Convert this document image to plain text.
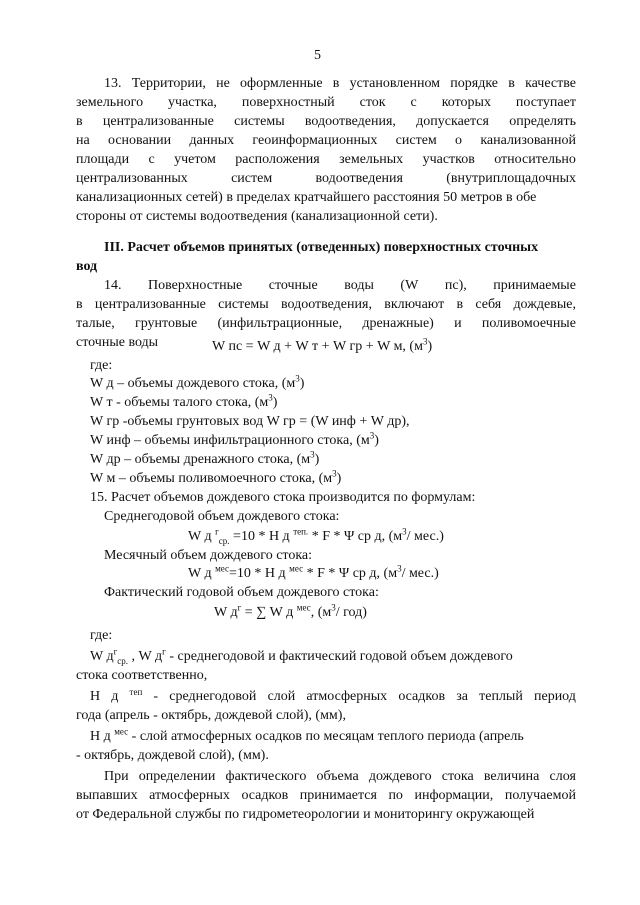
5
13. Территории, не оформленные в установленном порядке в качестве
земельного участка, поверхностный сток с которых поступает
в централизованные системы водоотведения, допускается определять
на основании данных геоинформационных систем о канализованной
площади с учетом расположения земельных участков относительно
централизованных	систем	водоотведения	(внутриплощадочных
канализационных сетей) в пределах кратчайшего расстояния 50 метров в обе
стороны от системы водоотведения (канализационной сети).
III. Расчет объемов принятых (отведенных) поверхностных сточных
вод
14. Поверхностные сточные воды (W пс), принимаемые
в централизованные системы водоотведения, включают в себя дождевые,
талые, грунтовые (инфильтрационные, дренажные) и поливомоечные
сточные воды	W пс = W д + W т + W гр + W м, $(м^3)$
где:
W д – объемы дождевого стока, $(м^3)$
W т - объемы талого стока, $(м^3)$
W гр -объемы грунтовых вод W гр = (W инф + W др),
W инф – объемы инфильтрационного стока, $(м^3)$
W др – объемы дренажного стока, $(м^3)$
W м – объемы поливомоечного стока, $(м^3)$
15. Расчет объемов дождевого стока производится по формулам:
Среднегодовой объем дождевого стока:
W д $^г_{ср.}$ =10 * Н д $^{теп.}$ * F * Ψ ср д, ($м^3/$ мес.)
Месячный объем дождевого стока:
W д $^{мес}$=10 * Н д $^{мес}$ * F * Ψ ср д, ($м^3/$ мес.)
Фактический годовой объем дождевого стока:
W $д^г$ = ∑ W д $^{мес}$, ($м^3/$ год)
где:
W $д^г_{ср.}$ , W $д^г$ - среднегодовой и фактический годовой объем дождевого
стока соответственно,
Н д теп - среднегодовой слой атмосферных осадков за теплый период
года (апрель - октябрь, дождевой слой), (мм),
Н д $^{мес}$ - слой атмосферных осадков по месяцам теплого периода (апрель
- октябрь, дождевой слой), (мм).
При определении фактического объема дождевого стока величина слоя
выпавших атмосферных осадков принимается по информации, получаемой
от Федеральной службы по гидрометеорологии и мониторингу окружающей
